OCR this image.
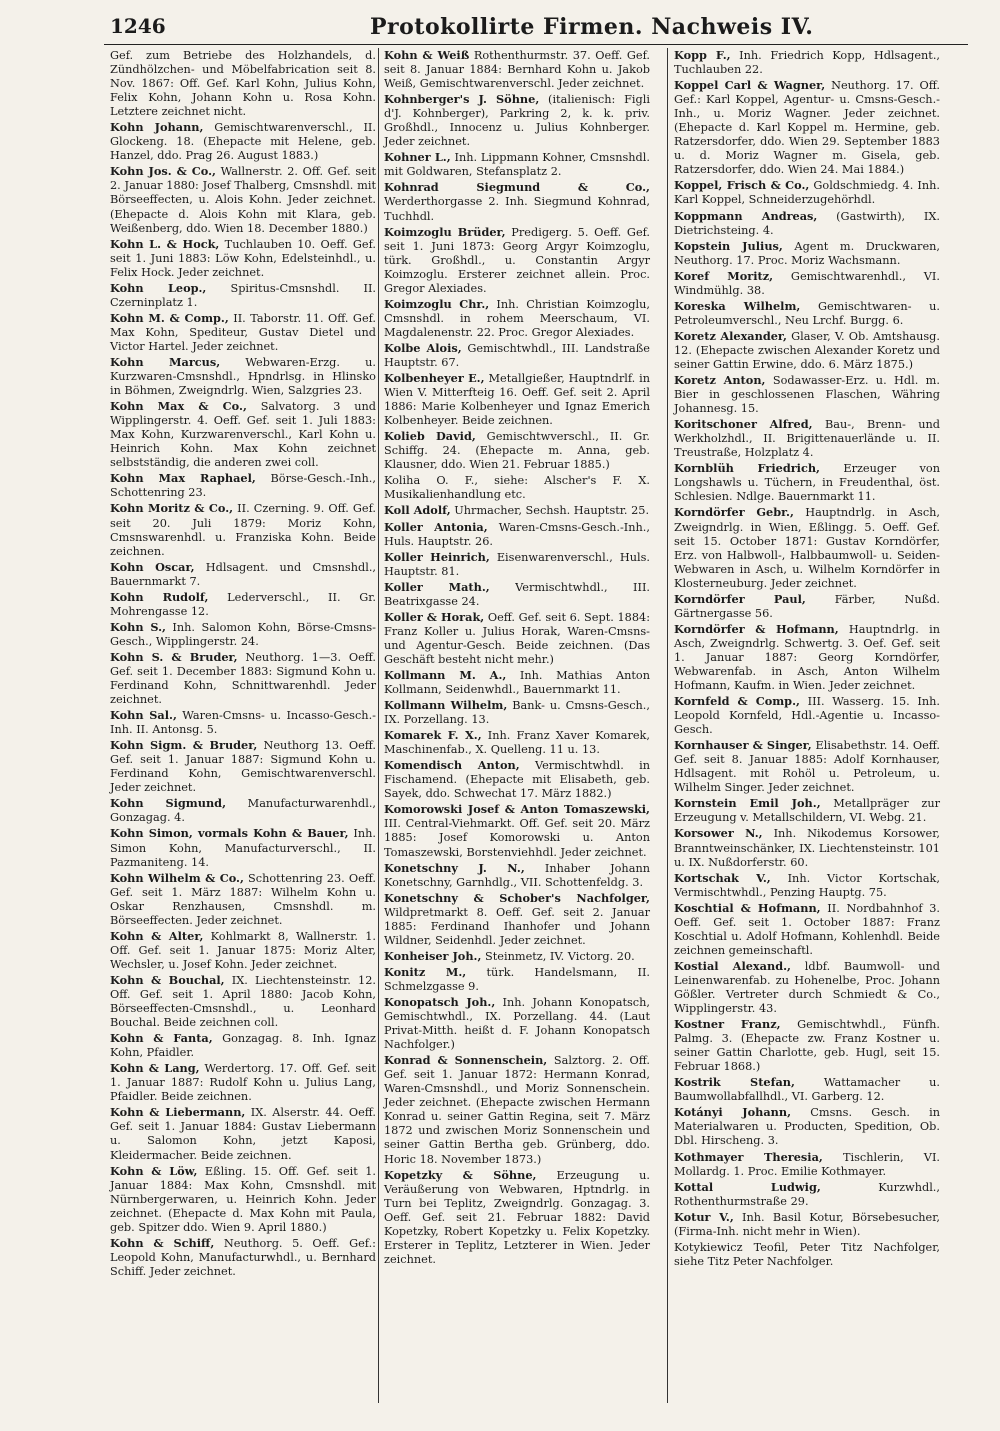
1246	Protokollirte Firmen. Nachweis IV.
Gef. zum Betriebe des Holzhandels, d. Zündhölzchen- und Möbelfabrication seit 8. Nov. 1867: Off. Gef. Karl Kohn, Julius Kohn, Felix Kohn, Johann Kohn u. Rosa Kohn. Letztere zeichnet nicht.
Kohn Johann, Gemischtwarenverschl., II. Glockeng. 18. (Ehepacte mit Helene, geb. Hanzel, ddo. Prag 26. August 1883.)
Kohn Jos. & Co., Wallnerstr. 2. Off. Gef. seit 2. Januar 1880: Josef Thalberg, Cmsnshdl. mit Börseeffecten, u. Alois Kohn. Jeder zeichnet. (Ehepacte d. Alois Kohn mit Klara, geb. Weißenberg, ddo. Wien 18. December 1880.)
Kohn L. & Hock, Tuchlauben 10. Oeff. Gef. seit 1. Juni 1883: Löw Kohn, Edelsteinhdl., u. Felix Hock. Jeder zeichnet.
Kohn Leop., Spiritus-Cmsnshdl. II. Czerninplatz 1.
Kohn M. & Comp., II. Taborstr. 11. Off. Gef. Max Kohn, Spediteur, Gustav Dietel und Victor Hartel. Jeder zeichnet.
Kohn Marcus, Webwaren-Erzg. u. Kurzwaren-Cmsnshdl., Hpndrlsg. in Hlinsko in Böhmen, Zweigndrlg. Wien, Salzgries 23.
Kohn Max & Co., Salvatorg. 3 und Wipplingerstr. 4. Oeff. Gef. seit 1. Juli 1883: Max Kohn, Kurzwarenverschl., Karl Kohn u. Heinrich Kohn. Max Kohn zeichnet selbstständig, die anderen zwei coll.
Kohn Max Raphael, Börse-Gesch.-Inh., Schottenring 23.
Kohn Moritz & Co., II. Czerning. 9. Off. Gef. seit 20. Juli 1879: Moriz Kohn, Cmsnswarenhdl. u. Franziska Kohn. Beide zeichnen.
Kohn Oscar, Hdlsagent. und Cmsnshdl., Bauernmarkt 7.
Kohn Rudolf, Lederverschl., II. Gr. Mohrengasse 12.
Kohn S., Inh. Salomon Kohn, Börse-Cmsns-Gesch., Wipplingerstr. 24.
Kohn S. & Bruder, Neuthorg. 1—3. Oeff. Gef. seit 1. December 1883: Sigmund Kohn u. Ferdinand Kohn, Schnittwarenhdl. Jeder zeichnet.
Kohn Sal., Waren-Cmsns- u. Incasso-Gesch.-Inh. II. Antonsg. 5.
Kohn Sigm. & Bruder, Neuthorg 13. Oeff. Gef. seit 1. Januar 1887: Sigmund Kohn u. Ferdinand Kohn, Gemischtwarenverschl. Jeder zeichnet.
Kohn Sigmund, Manufacturwarenhdl., Gonzagag. 4.
Kohn Simon, vormals Kohn & Bauer, Inh. Simon Kohn, Manufacturverschl., II. Pazmaniteng. 14.
Kohn Wilhelm & Co., Schottenring 23. Oeff. Gef. seit 1. März 1887: Wilhelm Kohn u. Oskar Renzhausen, Cmsnshdl. m. Börseeffecten. Jeder zeichnet.
Kohn & Alter, Kohlmarkt 8, Wallnerstr. 1. Off. Gef. seit 1. Januar 1875: Moriz Alter, Wechsler, u. Josef Kohn. Jeder zeichnet.
Kohn & Bouchal, IX. Liechtensteinstr. 12. Off. Gef. seit 1. April 1880: Jacob Kohn, Börseeffecten-Cmsnshdl., u. Leonhard Bouchal. Beide zeichnen coll.
Kohn & Fanta, Gonzagag. 8. Inh. Ignaz Kohn, Pfaidler.
Kohn & Lang, Werdertorg. 17. Off. Gef. seit 1. Januar 1887: Rudolf Kohn u. Julius Lang, Pfaidler. Beide zeichnen.
Kohn & Liebermann, IX. Alserstr. 44. Oeff. Gef. seit 1. Januar 1884: Gustav Liebermann u. Salomon Kohn, jetzt Kaposi, Kleidermacher. Beide zeichnen.
Kohn & Löw, Eßling. 15. Off. Gef. seit 1. Januar 1884: Max Kohn, Cmsnshdl. mit Nürnbergerwaren, u. Heinrich Kohn. Jeder zeichnet. (Ehepacte d. Max Kohn mit Paula, geb. Spitzer ddo. Wien 9. April 1880.)
Kohn & Schiff, Neuthorg. 5. Oeff. Gef.: Leopold Kohn, Manufacturwhdl., u. Bernhard Schiff. Jeder zeichnet.
Kohn & Weiß Rothenthurmstr. 37. Oeff. Gef. seit 8. Januar 1884: Bernhard Kohn u. Jakob Weiß, Gemischtwarenverschl. Jeder zeichnet.
Kohnberger's J. Söhne, (italienisch: Figli d'J. Kohnberger), Parkring 2, k. k. priv. Großhdl., Innocenz u. Julius Kohnberger. Jeder zeichnet.
Kohner L., Inh. Lippmann Kohner, Cmsnshdl. mit Goldwaren, Stefansplatz 2.
Kohnrad Siegmund & Co., Werderthorgasse 2. Inh. Siegmund Kohnrad, Tuchhdl.
Koimzoglu Brüder, Predigerg. 5. Oeff. Gef. seit 1. Juni 1873: Georg Argyr Koimzoglu, türk. Großhdl., u. Constantin Argyr Koimzoglu. Ersterer zeichnet allein. Proc. Gregor Alexiades.
Koimzoglu Chr., Inh. Christian Koimzoglu, Cmsnshdl. in rohem Meerschaum, VI. Magdalenenstr. 22. Proc. Gregor Alexiades.
Kolbe Alois, Gemischtwhdl., III. Landstraße Hauptstr. 67.
Kolbenheyer E., Metallgießer, Hauptndrlf. in Wien V. Mitterfteig 16. Oeff. Gef. seit 2. April 1886: Marie Kolbenheyer und Ignaz Emerich Kolbenheyer. Beide zeichnen.
Kolieb David, Gemischtwverschl., II. Gr. Schiffg. 24. (Ehepacte m. Anna, geb. Klausner, ddo. Wien 21. Februar 1885.)
Koliha O. F., siehe: Alscher's F. X. Musikalienhandlung etc.
Koll Adolf, Uhrmacher, Sechsh. Hauptstr. 25.
Koller Antonia, Waren-Cmsns-Gesch.-Inh., Huls. Hauptstr. 26.
Koller Heinrich, Eisenwarenverschl., Huls. Hauptstr. 81.
Koller Math., Vermischtwhdl., III. Beatrixgasse 24.
Koller & Horak, Oeff. Gef. seit 6. Sept. 1884: Franz Koller u. Julius Horak, Waren-Cmsns- und Agentur-Gesch. Beide zeichnen. (Das Geschäft besteht nicht mehr.)
Kollmann M. A., Inh. Mathias Anton Kollmann, Seidenwhdl., Bauernmarkt 11.
Kollmann Wilhelm, Bank- u. Cmsns-Gesch., IX. Porzellang. 13.
Komarek F. X., Inh. Franz Xaver Komarek, Maschinenfab., X. Quelleng. 11 u. 13.
Komendisch Anton, Vermischtwhdl. in Fischamend. (Ehepacte mit Elisabeth, geb. Sayek, ddo. Schwechat 17. März 1882.)
Komorowski Josef & Anton Tomaszewski, III. Central-Viehmarkt. Off. Gef. seit 20. März 1885: Josef Komorowski u. Anton Tomaszewski, Borstenviehhdl. Jeder zeichnet.
Konetschny J. N., Inhaber Johann Konetschny, Garnhdlg., VII. Schottenfeldg. 3.
Konetschny & Schober's Nachfolger, Wildpretmarkt 8. Oeff. Gef. seit 2. Januar 1885: Ferdinand Ihanhofer und Johann Wildner, Seidenhdl. Jeder zeichnet.
Konheiser Joh., Steinmetz, IV. Victorg. 20.
Konitz M., türk. Handelsmann, II. Schmelzgasse 9.
Konopatsch Joh., Inh. Johann Konopatsch, Gemischtwhdl., IX. Porzellang. 44. (Laut Privat-Mitth. heißt d. F. Johann Konopatsch Nachfolger.)
Konrad & Sonnenschein, Salztorg. 2. Off. Gef. seit 1. Januar 1872: Hermann Konrad, Waren-Cmsnshdl., und Moriz Sonnenschein. Jeder zeichnet. (Ehepacte zwischen Hermann Konrad u. seiner Gattin Regina, seit 7. März 1872 und zwischen Moriz Sonnenschein und seiner Gattin Bertha geb. Grünberg, ddo. Horic 18. November 1873.)
Kopetzky & Söhne, Erzeugung u. Veräußerung von Webwaren, Hptndrlg. in Turn bei Teplitz, Zweigndrlg. Gonzagag. 3. Oeff. Gef. seit 21. Februar 1882: David Kopetzky, Robert Kopetzky u. Felix Kopetzky. Ersterer in Teplitz, Letzterer in Wien. Jeder zeichnet.
Kopp F., Inh. Friedrich Kopp, Hdlsagent., Tuchlauben 22.
Koppel Carl & Wagner, Neuthorg. 17. Off. Gef.: Karl Koppel, Agentur- u. Cmsns-Gesch.-Inh., u. Moriz Wagner. Jeder zeichnet. (Ehepacte d. Karl Koppel m. Hermine, geb. Ratzersdorfer, ddo. Wien 29. September 1883 u. d. Moriz Wagner m. Gisela, geb. Ratzersdorfer, ddo. Wien 24. Mai 1884.)
Koppel, Frisch & Co., Goldschmiedg. 4. Inh. Karl Koppel, Schneiderzugehörhdl.
Koppmann Andreas, (Gastwirth), IX. Dietrichsteing. 4.
Kopstein Julius, Agent m. Druckwaren, Neuthorg. 17. Proc. Moriz Wachsmann.
Koref Moritz, Gemischtwarenhdl., VI. Windmühlg. 38.
Koreska Wilhelm, Gemischtwaren- u. Petroleumverschl., Neu Lrchf. Burgg. 6.
Koretz Alexander, Glaser, V. Ob. Amtshausg. 12. (Ehepacte zwischen Alexander Koretz und seiner Gattin Erwine, ddo. 6. März 1875.)
Koretz Anton, Sodawasser-Erz. u. Hdl. m. Bier in geschlossenen Flaschen, Währing Johannesg. 15.
Koritschoner Alfred, Bau-, Brenn- und Werkholzhdl., II. Brigittenauerlände u. II. Treustraße, Holzplatz 4.
Kornblüh Friedrich, Erzeuger von Longshawls u. Tüchern, in Freudenthal, öst. Schlesien. Ndlge. Bauernmarkt 11.
Korndörfer Gebr., Hauptndrlg. in Asch, Zweigndrlg. in Wien, Eßlingg. 5. Oeff. Gef. seit 15. October 1871: Gustav Korndörfer, Erz. von Halbwoll-, Halbbaumwoll- u. Seiden-Webwaren in Asch, u. Wilhelm Korndörfer in Klosterneuburg. Jeder zeichnet.
Korndörfer Paul,	Färber, Nußd. Gärtnergasse 56.
Korndörfer & Hofmann, Hauptndrlg. in Asch, Zweigndrlg. Schwertg. 3. Oef. Gef. seit 1. Januar 1887: Georg Korndörfer, Webwarenfab. in Asch, Anton Wilhelm Hofmann, Kaufm. in Wien. Jeder zeichnet.
Kornfeld & Comp., III. Wasserg. 15. Inh. Leopold Kornfeld, Hdl.-Agentie u. Incasso-Gesch.
Kornhauser & Singer, Elisabethstr. 14. Oeff. Gef. seit 8. Januar 1885: Adolf Kornhauser, Hdlsagent. mit Rohöl u. Petroleum, u. Wilhelm Singer. Jeder zeichnet.
Kornstein Emil Joh., Metallpräger zur Erzeugung v. Metallschildern, VI. Webg. 21.
Korsower N., Inh. Nikodemus Korsower, Branntweinschänker, IX. Liechtensteinstr. 101 u. IX. Nußdorferstr. 60.
Kortschak V., Inh. Victor Kortschak, Vermischtwhdl., Penzing Hauptg. 75.
Koschtial & Hofmann, II. Nordbahnhof 3. Oeff. Gef. seit 1. October 1887: Franz Koschtial u. Adolf Hofmann, Kohlenhdl. Beide zeichnen gemeinschaftl.
Kostial Alexand., ldbf. Baumwoll- und Leinenwarenfab. zu Hohenelbe, Proc. Johann Gößler. Vertreter durch Schmiedt & Co., Wipplingerstr. 43.
Kostner Franz, Gemischtwhdl., Fünfh. Palmg. 3. (Ehepacte zw. Franz Kostner u. seiner Gattin Charlotte, geb. Hugl, seit 15. Februar 1868.)
Kostrik Stefan,	Wattamacher u. Baumwollabfallhdl., VI. Garberg. 12.
Kotányi Johann, Cmsns. Gesch. in Materialwaren u. Producten, Spedition, Ob. Dbl. Hirscheng. 3.
Kothmayer Theresia, Tischlerin, VI. Mollardg. 1. Proc. Emilie Kothmayer.
Kottal Ludwig,	Kurzwhdl., Rothenthurmstraße 29.
Kotur V., Inh. Basil Kotur, Börsebesucher, (Firma-Inh. nicht mehr in Wien).
Kotykiewicz Teofil, Peter Titz Nachfolger, siehe Titz Peter Nachfolger.
